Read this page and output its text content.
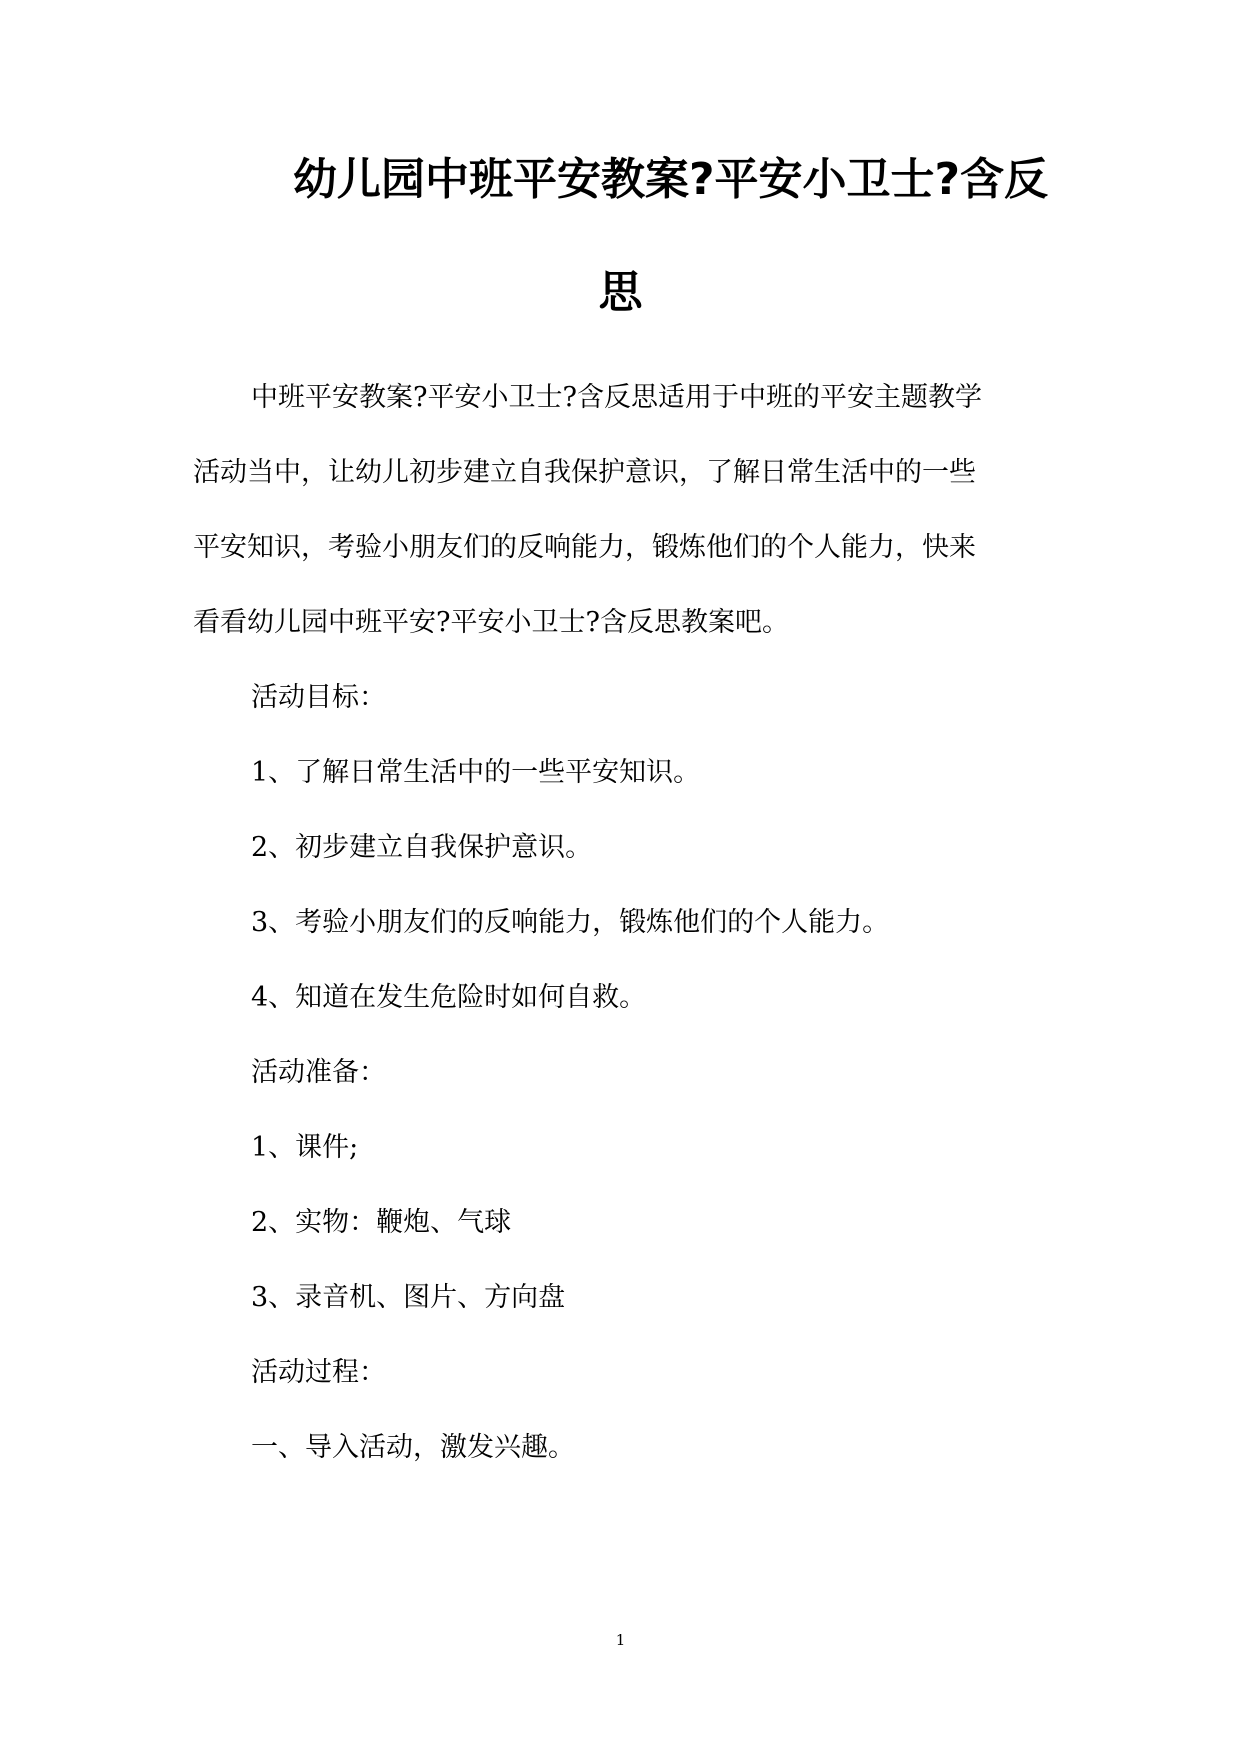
幼儿园中班平安教案?平安小卫士?含反
思
中班平安教案?平安小卫士?含反思适用于中班的平安主题教学
活动当中，让幼儿初步建立自我保护意识，了解日常生活中的一些
平安知识，考验小朋友们的反响能力，锻炼他们的个人能力，快来
看看幼儿园中班平安?平安小卫士?含反思教案吧。
活动目标：
1、了解日常生活中的一些平安知识。
2、初步建立自我保护意识。
3、考验小朋友们的反响能力，锻炼他们的个人能力。
4、知道在发生危险时如何自救。
活动准备：
1、课件;
2、实物：鞭炮、气球
3、录音机、图片、方向盘
活动过程：
一、导入活动，激发兴趣。
1
